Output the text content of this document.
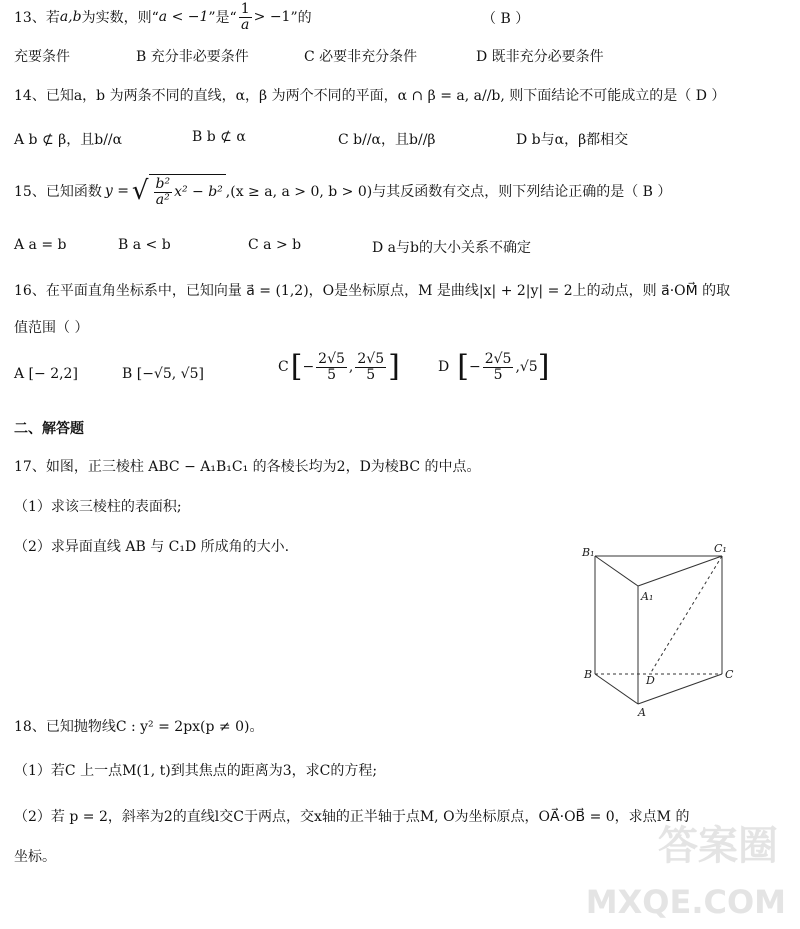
13、若 a,b 为实数，则“ a < −1 ”是“ $\frac{1}{a} > -1$ ”的	（ B ）
充要条件	B 充分非必要条件	C 必要非充分条件	D 既非充分必要条件
14、已知a，b 为两条不同的直线，α，β 为两个不同的平面，α ∩ β = a, a//b, 则下面结论不可能成立的是（ D ）
A b ⊄ β，且b//α	B b ⊄ α	C b//α，且b//β	D b与α，β都相交
15、已知函数 y = √ $\frac{\text{b²}}{\text{a²}} x^2 - b^2$ ,(x ≥ a, a > 0, b > 0)与其反函数有交点，则下列结论正确的是（ B ）
A a = b	B a < b	C a > b	D a与b的大小关系不确定
16、在平面直角坐标系中，已知向量 a⃗ = (1,2)，O是坐标原点，M 是曲线|x| + 2|y| = 2上的动点，则 a⃗·OM⃗ 的取
值范围（ ）
A [− 2,2]	B [−√5, √5]	C [ − $\frac{2√5}{5}$ , $\frac{2√5}{5}$ ]	D [ − $\frac{2√5}{5}$ , √5 ]
二、解答题
17、如图，正三棱柱 ABC − A₁B₁C₁ 的各棱长均为2，D为棱BC 的中点。
（1）求该三棱柱的表面积;
（2）求异面直线 AB 与 C₁D 所成角的大小.	B₁	C₁
A₁
B	C
D
A
18、已知抛物线C : y² = 2px(p ≠ 0)。
（1）若C 上一点M(1, t)到其焦点的距离为3，求C的方程;
（2）若 p = 2，斜率为2的直线l交C于两点，交x轴的正半轴于点M, O为坐标原点，OA⃗·OB⃗ = 0，求点M 的
坐标。	答案圈
MXQE.COM
